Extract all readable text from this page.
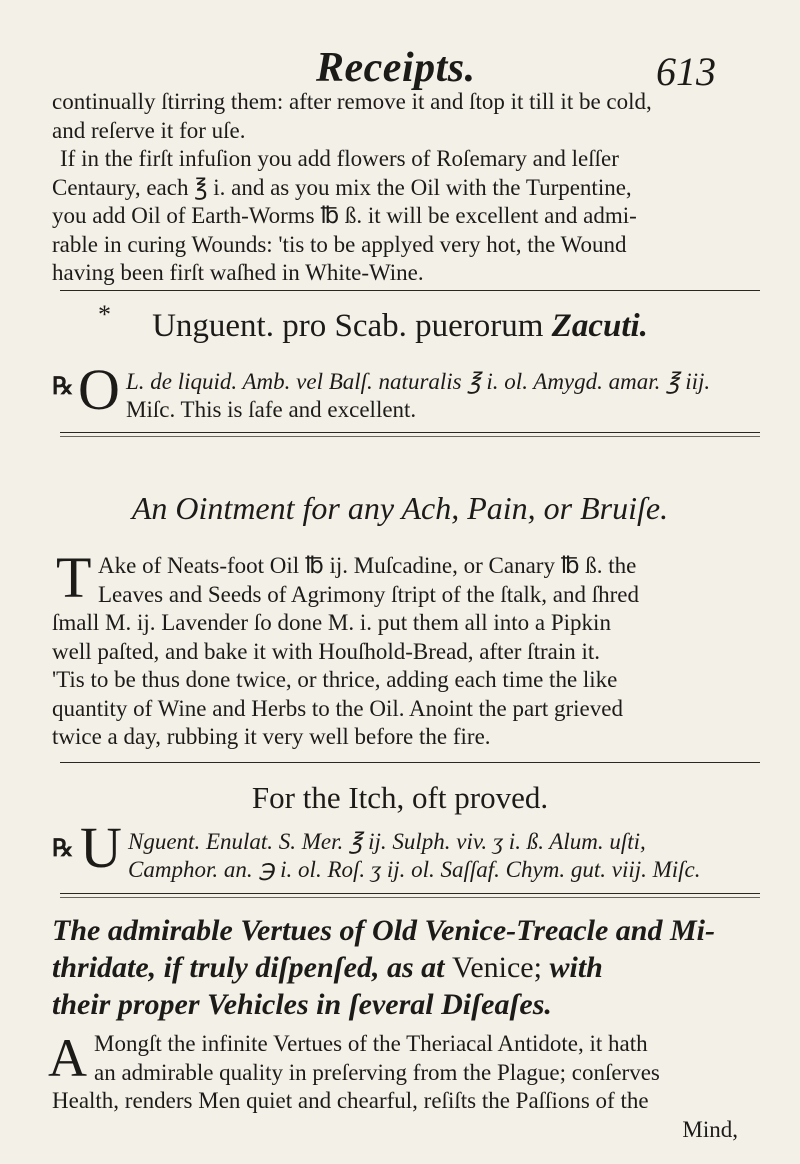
Receipts.	613

continually ſtirring them: after remove it and ſtop it till it be cold,

and reſerve it for uſe.

If in the firſt infuſion you add flowers of Roſemary and leſſer

Centaury, each ℥ i. and as you mix the Oil with the Turpentine,

you add Oil of Earth-Worms ℔ ß. it will be excellent and admi-

rable in curing Wounds: 'tis to be applyed very hot, the Wound

having been firſt waſhed in White-Wine.

*	Unguent. pro Scab. puerorum Zacuti.
℞ O L. de liquid. Amb. vel Balſ. naturalis ℥ i. ol. Amygd. amar. ℥ iij.
Miſc. This is ſafe and excellent.
An Ointment for any Ach, Pain, or Bruiſe.
T Ake of Neats-foot Oil ℔ ij. Muſcadine, or Canary ℔ ß. the
Leaves and Seeds of Agrimony ſtript of the ſtalk, and ſhred
ſmall M. ij. Lavender ſo done M. i. put them all into a Pipkin
well paſted, and bake it with Houſhold-Bread, after ſtrain it.
'Tis to be thus done twice, or thrice, adding each time the like
quantity of Wine and Herbs to the Oil. Anoint the part grieved
twice a day, rubbing it very well before the fire.
For the Itch, oft proved.
℞ U Nguent. Enulat. S. Mer. ℥ ij. Sulph. viv. ʒ i. ß. Alum. uſti,
Camphor. an. ℈ i. ol. Roſ. ʒ ij. ol. Saſſaf. Chym. gut. viij. Miſc.
The admirable Vertues of Old Venice-Treacle and Mi-
thridate, if truly diſpenſed, as at Venice; with
their proper Vehicles in ſeveral Diſeaſes.
A Mongſt the infinite Vertues of the Theriacal Antidote, it hath
an admirable quality in preſerving from the Plague; conſerves
Health, renders Men quiet and chearful, reſiſts the Paſſions of the
Mind,
